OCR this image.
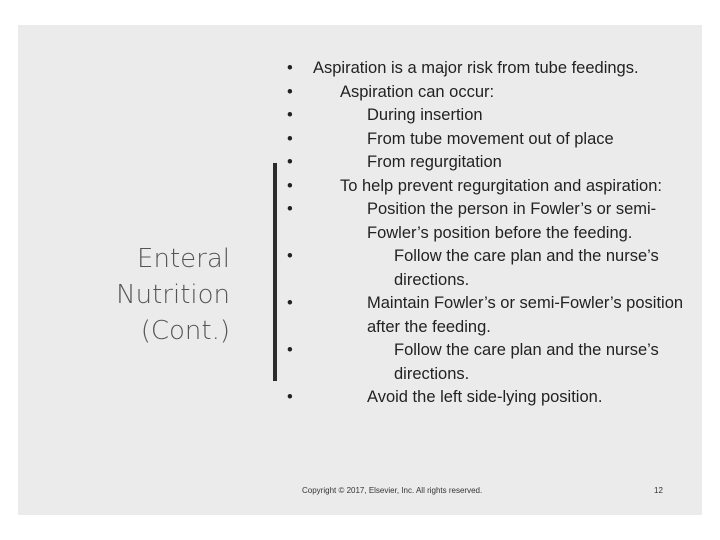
Enteral
Nutrition
(Cont.)
• Aspiration is a major risk from tube feedings.
• Aspiration can occur:
• During insertion
• From tube movement out of place
• From regurgitation
• To help prevent regurgitation and aspiration:
• Position the person in Fowler’s or semi-Fowler’s position before the feeding.
• Follow the care plan and the nurse’s directions.
• Maintain Fowler’s or semi-Fowler’s position after the feeding.
• Follow the care plan and the nurse’s directions.
• Avoid the left side-lying position.
Copyright © 2017, Elsevier, Inc. All rights reserved.	12
